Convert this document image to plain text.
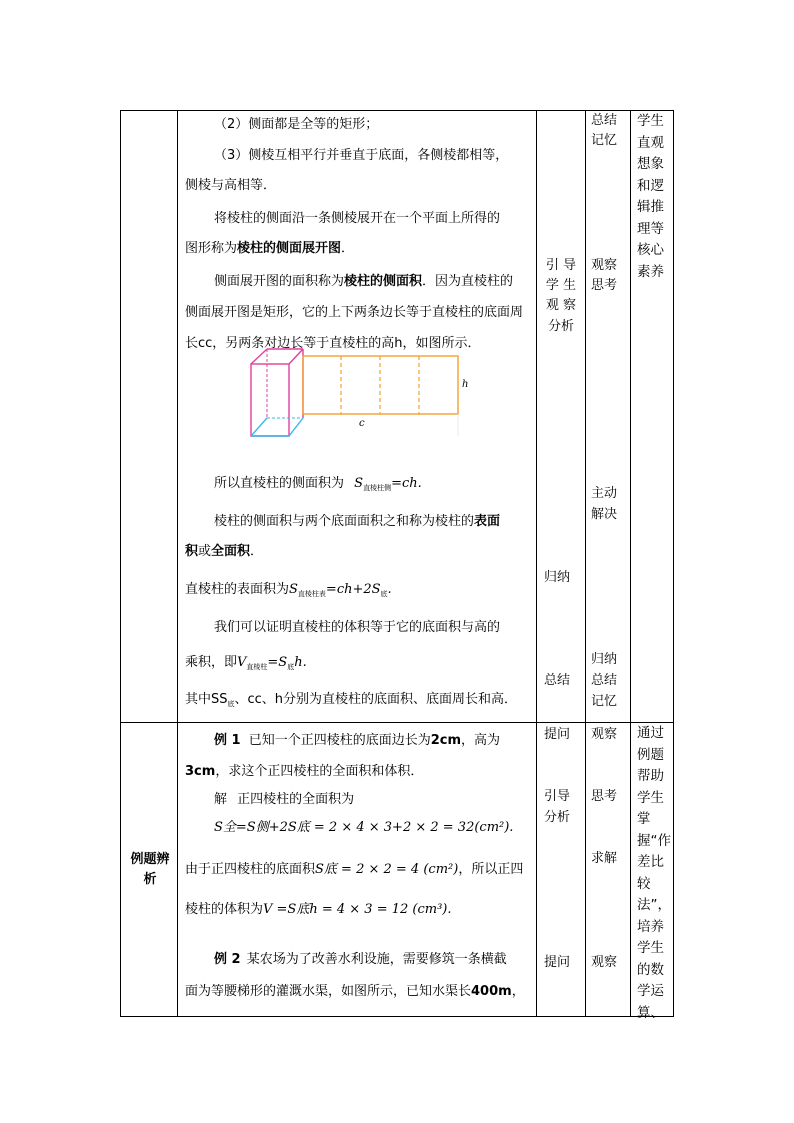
（2）侧面都是全等的矩形；
（3）侧棱互相平行并垂直于底面，各侧棱都相等，
侧棱与高相等．
将棱柱的侧面沿一条侧棱展开在一个平面上所得的
图形称为棱柱的侧面展开图．
侧面展开图的面积称为棱柱的侧面积．因为直棱柱的
侧面展开图是矩形，它的上下两条边长等于直棱柱的底面周
长cc，另两条对边长等于直棱柱的高h，如图所示．
h
c
所以直棱柱的侧面积为 $S_{直棱柱侧}=ch$.
棱柱的侧面积与两个底面面积之和称为棱柱的表面
积或全面积．
直棱柱的表面积为$S_{直棱柱表}=ch+2S_底$.
我们可以证明直棱柱的体积等于它的底面积与高的
乘积，即$V_{直棱柱}=S_底h$.
其中$SS_底$、cc、h分别为直棱柱的底面积、底面周长和高．
引 导
学 生
观 察
分析
归纳
总结
总结
记忆
观察
思考
主动
解决
归纳
总结
记忆
学生直观想象和逻辑推理等核心素养
例题辨析
例 1 已知一个正四棱柱的底面边长为2cm，高为
3cm，求这个正四棱柱的全面积和体积．
解 正四棱柱的全面积为
S全=S侧+2S底 = 2 × 4 × 3+2 × 2 = 32(cm²).
由于正四棱柱的底面积S底 = 2 × 2 = 4 (cm²)，所以正四
棱柱的体积为V =S底h = 4 × 3 = 12 (cm³).
例 2 某农场为了改善水利设施，需要修筑一条横截
面为等腰梯形的灌溉水渠，如图所示，已知水渠长400m，
提问
引导
分析
提问
观察
思考
求解
观察
通过例题帮助学生掌握“作差比较法”，培养学生的数学运算、
